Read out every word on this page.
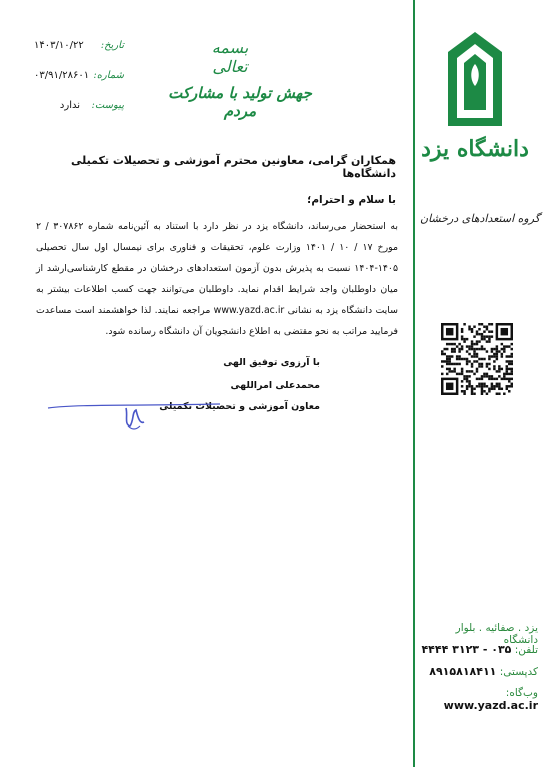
دانشگاه یزد
گروه استعدادهای درخشان
یزد . صفائیه . بلوار دانشگاه
تلفن: ۰۳۵ - ۳۱۲۳ ۴۴۴۴
کدپستی: ۸۹۱۵۸۱۸۴۱۱
وب‌گاه: www.yazd.ac.ir
تاریخ:
۱۴۰۳/۱۰/۲۲
شماره:
۰۳/۹۱/۲۸۶۰۱
پیوست:
ندارد
بسمه تعالی
جهش تولید با مشارکت مردم
همکاران گرامی، معاونین محترم آموزشی و تحصیلات تکمیلی دانشگاه‌ها
با سلام و احترام؛
به استحضار می‌رساند، دانشگاه یزد در نظر دارد با استناد به آئین‌نامه شماره ۳۰۷۸۶۲ / ۲ مورخ ۱۷ / ۱۰ / ۱۴۰۱ وزارت علوم، تحقیقات و فناوری برای نیمسال اول سال تحصیلی ۱۴۰۵-۱۴۰۴ نسبت به پذیرش بدون آزمون استعدادهای درخشان در مقطع کارشناسی‌ارشد از میان داوطلبان واجد شرایط اقدام نماید. داوطلبان می‌توانند جهت کسب اطلاعات بیشتر به سایت دانشگاه یزد به نشانی www.yazd.ac.ir مراجعه نمایند. لذا خواهشمند است مساعدت فرمایید مراتب به نحو مقتضی به اطلاع دانشجویان آن دانشگاه رسانده شود.
با آرزوی توفیق الهی
محمدعلی امراللهی
معاون آموزشی و تحصیلات تکمیلی
